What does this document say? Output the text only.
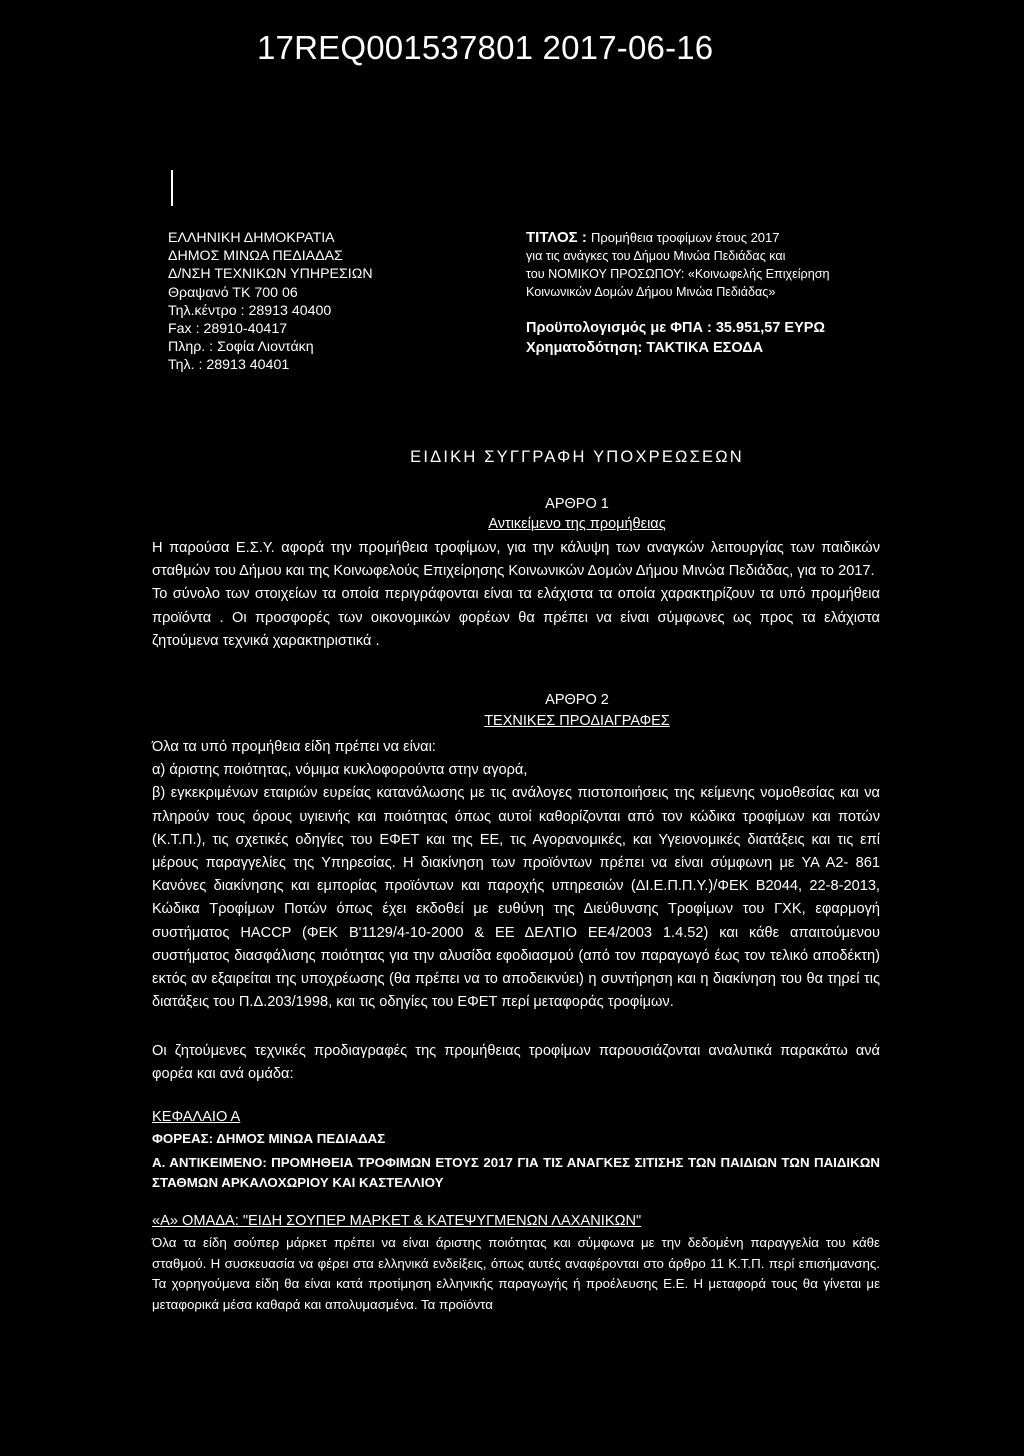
17REQ001537801 2017-06-16
ΕΛΛΗΝΙΚΗ ΔΗΜΟΚΡΑΤΙΑ
ΔΗΜΟΣ ΜΙΝΩΑ ΠΕΔΙΑΔΑΣ
Δ/ΝΣΗ ΤΕΧΝΙΚΩΝ ΥΠΗΡΕΣΙΩΝ
Θραψανό ΤΚ 700 06
Τηλ.κέντρο : 28913 40400
Fax : 28910-40417
Πληρ. : Σοφία Λιοντάκη
Τηλ. : 28913 40401
ΤΙΤΛΟΣ : Προμήθεια τροφίμων έτους 2017
για τις ανάγκες του Δήμου Μινώα Πεδιάδας και
του ΝΟΜΙΚΟΥ ΠΡΟΣΩΠΟΥ: «Κοινωφελής Επιχείρηση
Κοινωνικών Δομών Δήμου Μινώα Πεδιάδας»
Προϋπολογισμός με ΦΠΑ : 35.951,57 ΕΥΡΩ
Χρηματοδότηση: ΤΑΚΤΙΚΑ ΕΣΟΔΑ
ΕΙΔΙΚΗ ΣΥΓΓΡΑΦΗ ΥΠΟΧΡΕΩΣΕΩΝ
ΑΡΘΡΟ 1
Αντικείμενο της προμήθειας

Η παρούσα Ε.Σ.Υ. αφορά την προμήθεια τροφίμων, για την κάλυψη των αναγκών λειτουργίας των παιδικών σταθμών του Δήμου και της Κοινωφελούς Επιχείρησης Κοινωνικών Δομών Δήμου Μινώα Πεδιάδας, για το 2017.

Το σύνολο των στοιχείων τα οποία περιγράφονται είναι τα ελάχιστα τα οποία χαρακτηρίζουν τα υπό προμήθεια προϊόντα . Οι προσφορές των οικονομικών φορέων θα πρέπει να είναι σύμφωνες ως προς τα ελάχιστα ζητούμενα τεχνικά χαρακτηριστικά .

ΑΡΘΡΟ 2
ΤΕΧΝΙΚΕΣ ΠΡΟΔΙΑΓΡΑΦΕΣ

Όλα τα υπό προμήθεια είδη πρέπει να είναι:

α) άριστης ποιότητας, νόμιμα κυκλοφορούντα στην αγορά,

β) εγκεκριμένων εταιριών ευρείας κατανάλωσης με τις ανάλογες πιστοποιήσεις της κείμενης νομοθεσίας και να πληρούν τους όρους υγιεινής και ποιότητας όπως αυτοί καθορίζονται από τον κώδικα τροφίμων και ποτών (Κ.Τ.Π.), τις σχετικές οδηγίες του ΕΦΕΤ και της ΕΕ, τις Αγορανομικές, και Υγειονομικές διατάξεις και τις επί μέρους παραγγελίες της Υπηρεσίας. Η διακίνηση των προϊόντων πρέπει να είναι σύμφωνη με ΥΑ Α2- 861 Κανόνες διακίνησης και εμπορίας προϊόντων και παροχής υπηρεσιών (ΔΙ.Ε.Π.Π.Υ.)/ΦΕΚ Β2044, 22-8-2013, Κώδικα Τροφίμων Ποτών όπως έχει εκδοθεί με ευθύνη της Διεύθυνσης Τροφίμων του ΓΧΚ, εφαρμογή συστήματος HACCP (ΦΕΚ Β'1129/4-10-2000 & ΕΕ ΔΕΛΤΙΟ ΕΕ4/2003 1.4.52) και κάθε απαιτούμενου συστήματος διασφάλισης ποιότητας για την αλυσίδα εφοδιασμού (από τον παραγωγό έως τον τελικό αποδέκτη) εκτός αν εξαιρείται της υποχρέωσης (θα πρέπει να το αποδεικνύει) η συντήρηση και η διακίνηση του θα τηρεί τις διατάξεις του Π.Δ.203/1998, και τις οδηγίες του ΕΦΕΤ περί μεταφοράς τροφίμων.

Οι ζητούμενες τεχνικές προδιαγραφές της προμήθειας τροφίμων παρουσιάζονται αναλυτικά παρακάτω ανά φορέα και ανά ομάδα:

ΚΕΦΑΛΑΙΟ Α
ΦΟΡΕΑΣ: ΔΗΜΟΣ ΜΙΝΩΑ ΠΕΔΙΑΔΑΣ

Α. ΑΝΤΙΚΕΙΜΕΝΟ: ΠΡΟΜΗΘΕΙΑ ΤΡΟΦΙΜΩΝ ΕΤΟΥΣ 2017 ΓΙΑ ΤΙΣ ΑΝΑΓΚΕΣ ΣΙΤΙΣΗΣ ΤΩΝ ΠΑΙΔΙΩΝ ΤΩΝ ΠΑΙΔΙΚΩΝ ΣΤΑΘΜΩΝ ΑΡΚΑΛΟΧΩΡΙΟΥ ΚΑΙ ΚΑΣΤΕΛΛΙΟΥ

«Α» ΟΜΑΔΑ: "ΕΙΔΗ ΣΟΥΠΕΡ ΜΑΡΚΕΤ & ΚΑΤΕΨΥΓΜΕΝΩΝ ΛΑΧΑΝΙΚΩΝ"

Όλα τα είδη σούπερ μάρκετ πρέπει να είναι άριστης ποιότητας και σύμφωνα με την δεδομένη παραγγελία του κάθε σταθμού. Η συσκευασία να φέρει στα ελληνικά ενδείξεις, όπως αυτές αναφέρονται στο άρθρο 11 Κ.Τ.Π. περί επισήμανσης. Τα χορηγούμενα είδη θα είναι κατά προτίμηση ελληνικής παραγωγής ή προέλευσης Ε.Ε. Η μεταφορά τους θα γίνεται με μεταφορικά μέσα καθαρά και απολυμασμένα. Τα προϊόντα
